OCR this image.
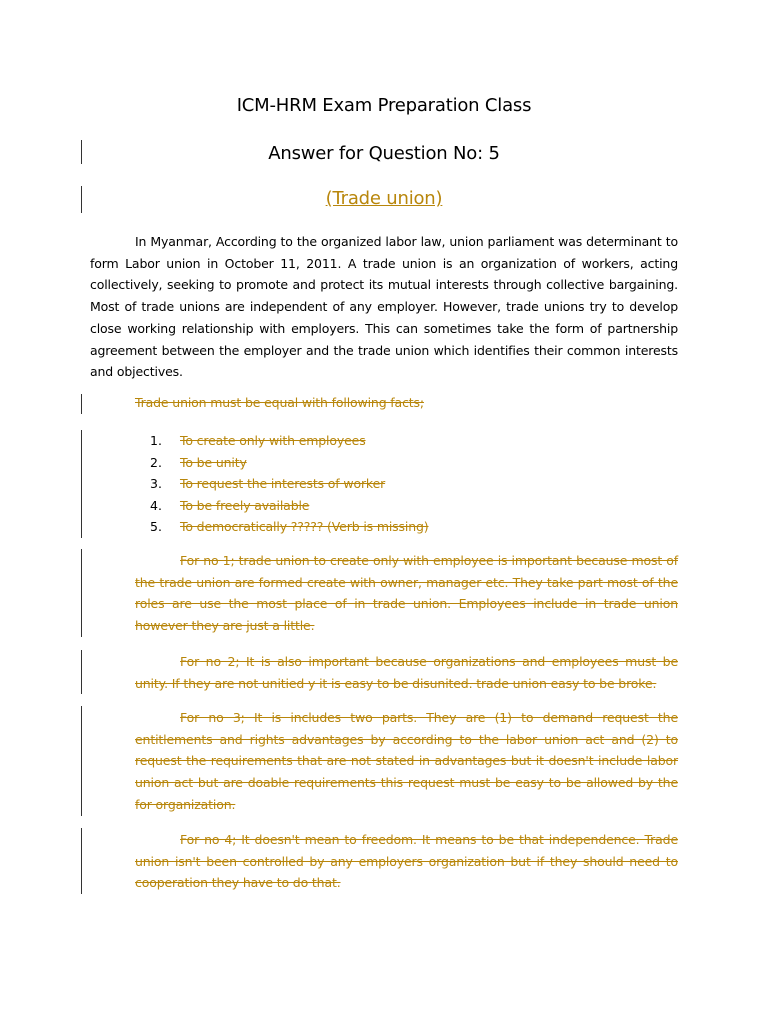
ICM-HRM Exam Preparation Class
Answer for Question No: 5
(Trade union)
In Myanmar, According to the organized labor law, union parliament was determinant to form Labor union in October 11, 2011. A trade union is an organization of workers, acting collectively, seeking to promote and protect its mutual interests through collective bargaining. Most of trade unions are independent of any employer. However, trade unions try to develop close working relationship with employers. This can sometimes take the form of partnership agreement between the employer and the trade union which identifies their common interests and objectives.
Trade union must be equal with following facts;
1. To create only with employees
2. To be unity
3. To request the interests of worker
4. To be freely available
5. To democratically ????? (Verb is missing)
For no 1; trade union to create only with employee is important because most of the trade union are formed create with owner, manager etc. They take part most of the roles are use the most place of in trade union. Employees include in trade union however they are just a little.
For no 2; It is also important because organizations and employees must be unity. If they are not unitied y it is easy to be disunited. trade union easy to be broke.
For no 3; It is includes two parts. They are (1) to demand request the entitlements and rights advantages by according to the labor union act and (2) to request the requirements that are not stated in advantages but it doesn't include labor union act but are doable requirements this request must be easy to be allowed by the for organization.
For no 4; It doesn't mean to freedom. It means to be that independence. Trade union isn't been controlled by any employers organization but if they should need to cooperation they have to do that.
